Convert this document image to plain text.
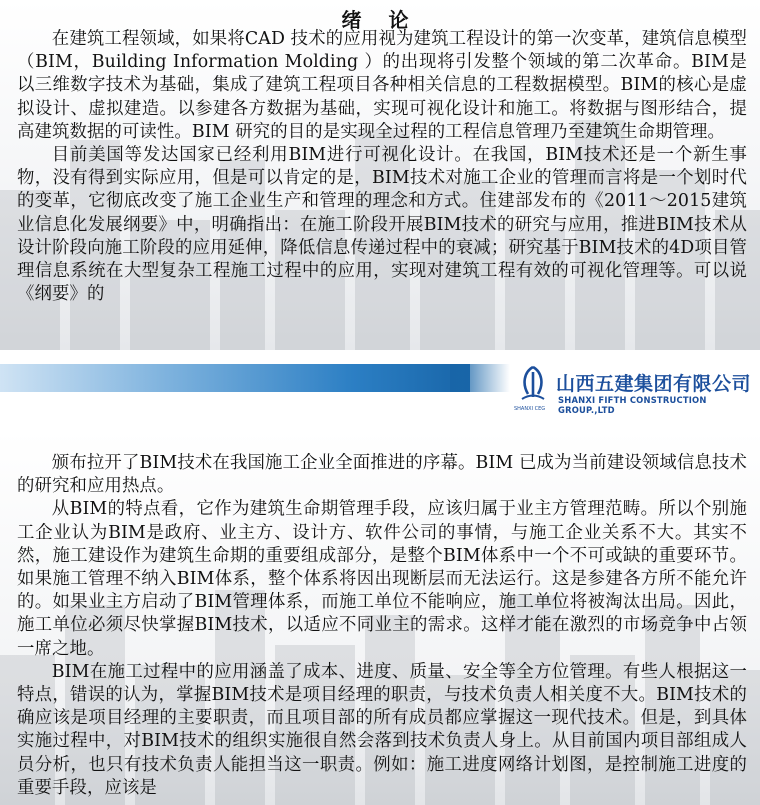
绪 论

在建筑工程领域，如果将CAD 技术的应用视为建筑工程设计的第一次变革，建筑信息模型（BIM，Building Information Molding ）的出现将引发整个领域的第二次革命。BIM是以三维数字技术为基础，集成了建筑工程项目各种相关信息的工程数据模型。BIM的核心是虚拟设计、虚拟建造。以参建各方数据为基础，实现可视化设计和施工。将数据与图形结合，提高建筑数据的可读性。BIM 研究的目的是实现全过程的工程信息管理乃至建筑生命期管理。

目前美国等发达国家已经利用BIM进行可视化设计。在我国，BIM技术还是一个新生事物，没有得到实际应用，但是可以肯定的是，BIM技术对施工企业的管理而言将是一个划时代的变革，它彻底改变了施工企业生产和管理的理念和方式。住建部发布的《2011～2015建筑业信息化发展纲要》中，明确指出：在施工阶段开展BIM技术的研究与应用，推进BIM技术从设计阶段向施工阶段的应用延伸，降低信息传递过程中的衰减；研究基于BIM技术的4D项目管理信息系统在大型复杂工程施工过程中的应用，实现对建筑工程有效的可视化管理等。可以说《纲要》的

山西五建集团有限公司
SHANXI FIFTH CONSTRUCTION GROUP.,LTD
SHANXI CEG

颁布拉开了BIM技术在我国施工企业全面推进的序幕。BIM 已成为当前建设领域信息技术的研究和应用热点。

从BIM的特点看，它作为建筑生命期管理手段，应该归属于业主方管理范畴。所以个别施工企业认为BIM是政府、业主方、设计方、软件公司的事情，与施工企业关系不大。其实不然，施工建设作为建筑生命期的重要组成部分，是整个BIM体系中一个不可或缺的重要环节。如果施工管理不纳入BIM体系，整个体系将因出现断层而无法运行。这是参建各方所不能允许的。如果业主方启动了BIM管理体系，而施工单位不能响应，施工单位将被淘汰出局。因此，施工单位必须尽快掌握BIM技术，以适应不同业主的需求。这样才能在激烈的市场竞争中占领一席之地。

BIM在施工过程中的应用涵盖了成本、进度、质量、安全等全方位管理。有些人根据这一特点，错误的认为，掌握BIM技术是项目经理的职责，与技术负责人相关度不大。BIM技术的确应该是项目经理的主要职责，而且项目部的所有成员都应掌握这一现代技术。但是，到具体实施过程中，对BIM技术的组织实施很自然会落到技术负责人身上。从目前国内项目部组成人员分析，也只有技术负责人能担当这一职责。例如：施工进度网络计划图，是控制施工进度的重要手段，应该是
